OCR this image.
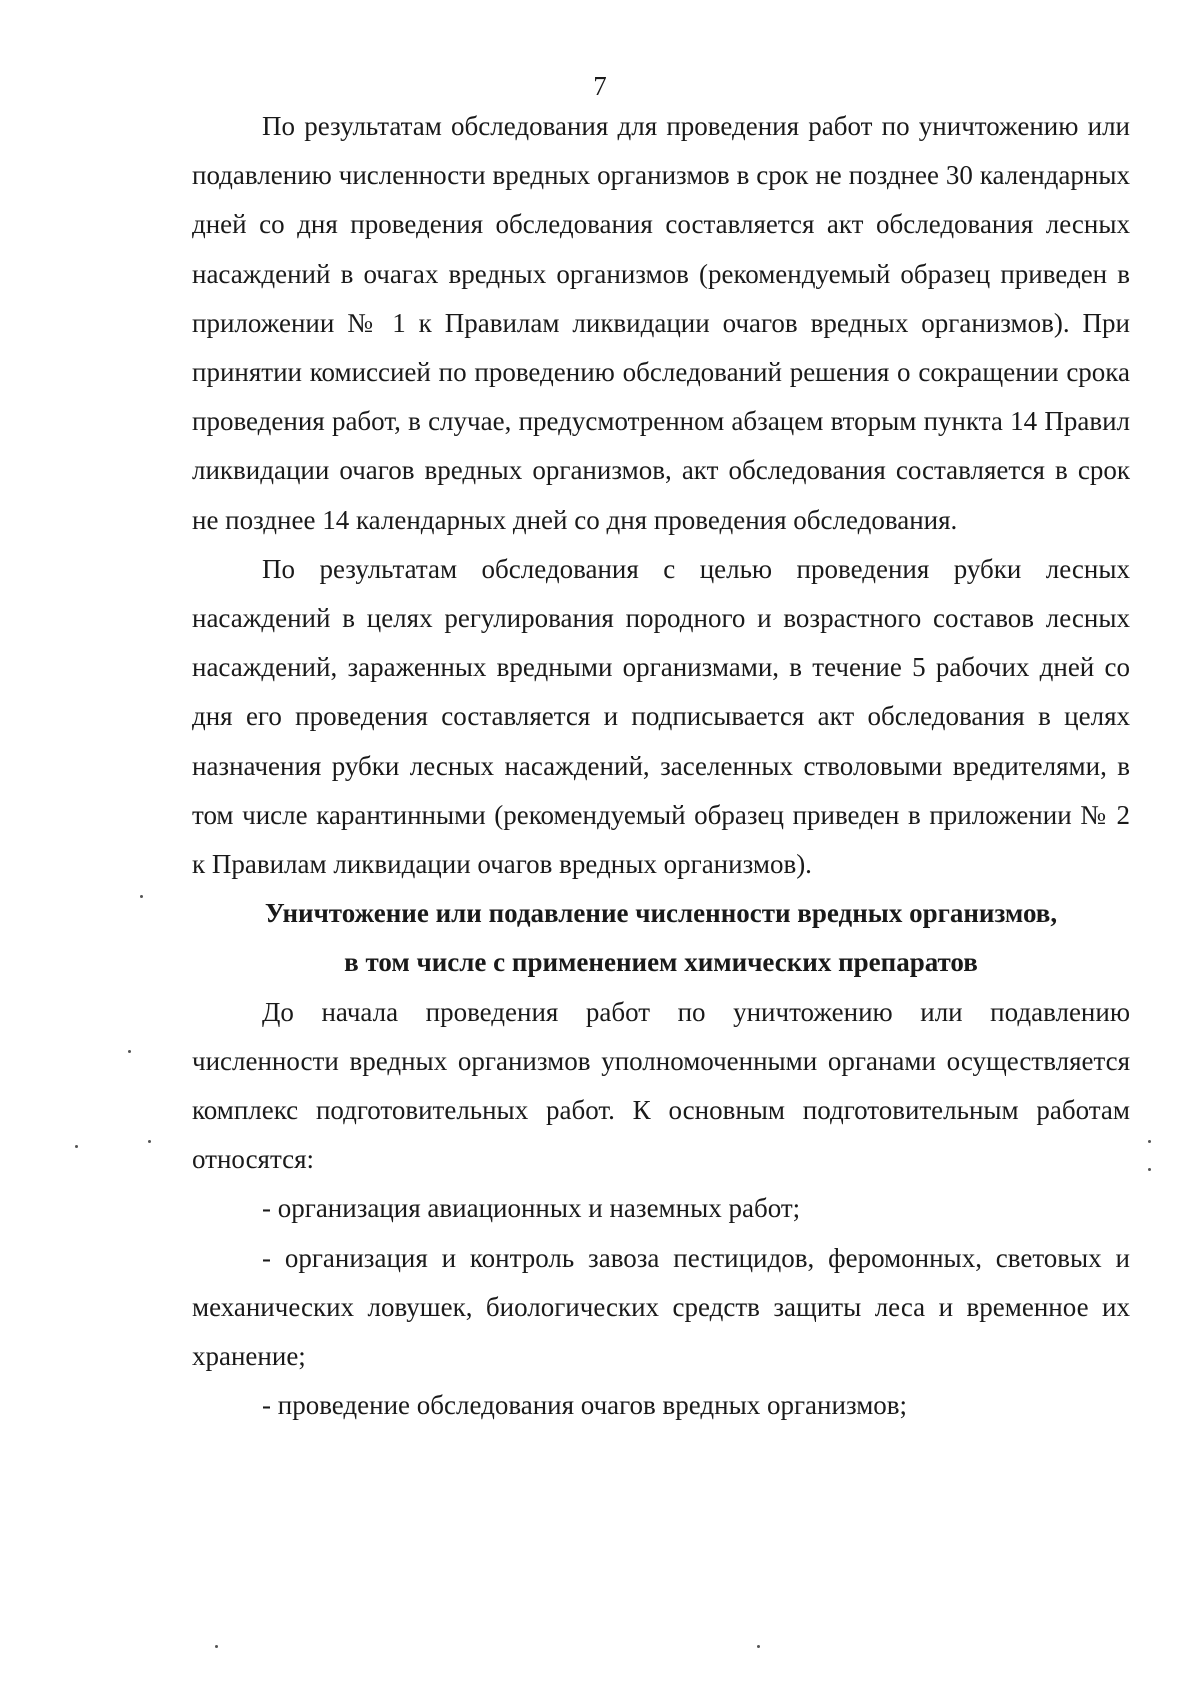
7

По результатам обследования для проведения работ по уничтожению или подавлению численности вредных организмов в срок не позднее 30 календарных дней со дня проведения обследования составляется акт обследования лесных насаждений в очагах вредных организмов (рекомендуемый образец приведен в приложении № 1 к Правилам ликвидации очагов вредных организмов). При принятии комиссией по проведению обследований решения о сокращении срока проведения работ, в случае, предусмотренном абзацем вторым пункта 14 Правил ликвидации очагов вредных организмов, акт обследования составляется в срок не позднее 14 календарных дней со дня проведения обследования.

По результатам обследования с целью проведения рубки лесных насаждений в целях регулирования породного и возрастного составов лесных насаждений, зараженных вредными организмами, в течение 5 рабочих дней со дня его проведения составляется и подписывается акт обследования в целях назначения рубки лесных насаждений, заселенных стволовыми вредителями, в том числе карантинными (рекомендуемый образец приведен в приложении № 2 к Правилам ликвидации очагов вредных организмов).

Уничтожение или подавление численности вредных организмов,
в том числе с применением химических препаратов

До начала проведения работ по уничтожению или подавлению численности вредных организмов уполномоченными органами осуществляется комплекс подготовительных работ. К основным подготовительным работам относятся:

- организация авиационных и наземных работ;

- организация и контроль завоза пестицидов, феромонных, световых и механических ловушек, биологических средств защиты леса и временное их хранение;

- проведение обследования очагов вредных организмов;
